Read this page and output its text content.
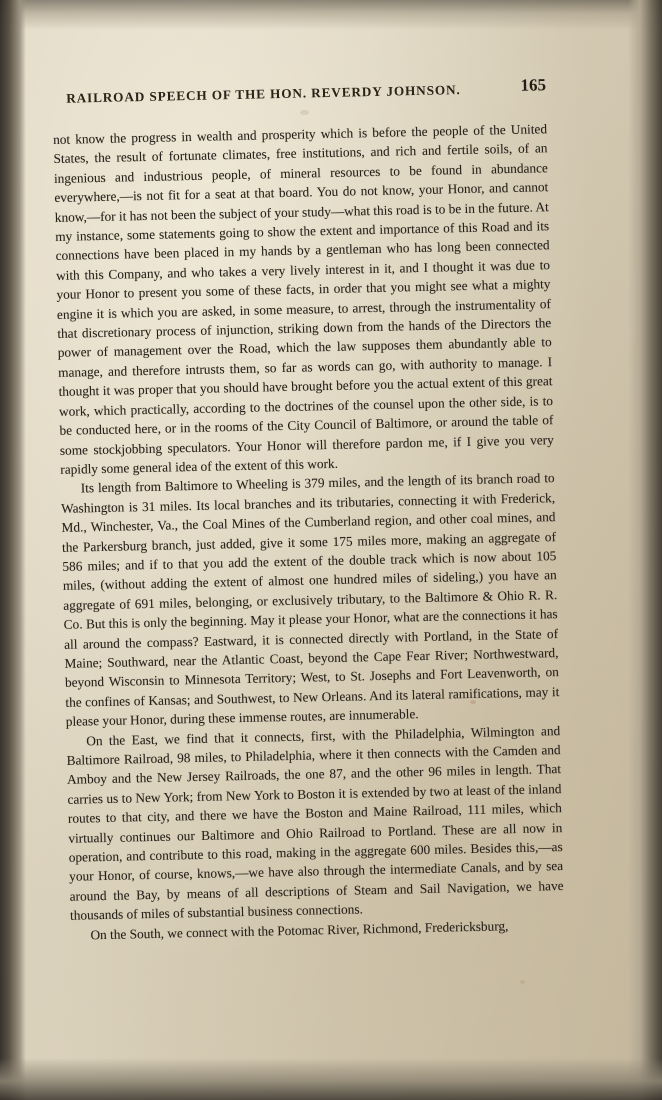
RAILROAD SPEECH OF THE HON. REVERDY JOHNSON.	165

not know the progress in wealth and prosperity which is before the people of the United States, the result of fortunate climates, free institutions, and rich and fertile soils, of an ingenious and industrious people, of mineral resources to be found in abundance everywhere,—is not fit for a seat at that board. You do not know, your Honor, and cannot know,—for it has not been the subject of your study—what this road is to be in the future. At my instance, some statements going to show the extent and importance of this Road and its connections have been placed in my hands by a gentleman who has long been connected with this Company, and who takes a very lively interest in it, and I thought it was due to your Honor to present you some of these facts, in order that you might see what a mighty engine it is which you are asked, in some measure, to arrest, through the instrumentality of that discretionary process of injunction, striking down from the hands of the Directors the power of management over the Road, which the law supposes them abundantly able to manage, and therefore intrusts them, so far as words can go, with authority to manage. I thought it was proper that you should have brought before you the actual extent of this great work, which practically, according to the doctrines of the counsel upon the other side, is to be conducted here, or in the rooms of the City Council of Baltimore, or around the table of some stockjobbing speculators. Your Honor will therefore pardon me, if I give you very rapidly some general idea of the extent of this work.

Its length from Baltimore to Wheeling is 379 miles, and the length of its branch road to Washington is 31 miles. Its local branches and its tributaries, connecting it with Frederick, Md., Winchester, Va., the Coal Mines of the Cumberland region, and other coal mines, and the Parkersburg branch, just added, give it some 175 miles more, making an aggregate of 586 miles; and if to that you add the extent of the double track which is now about 105 miles, (without adding the extent of almost one hundred miles of sideling,) you have an aggregate of 691 miles, belonging, or exclusively tributary, to the Baltimore & Ohio R. R. Co. But this is only the beginning. May it please your Honor, what are the connections it has all around the compass? Eastward, it is connected directly with Portland, in the State of Maine; Southward, near the Atlantic Coast, beyond the Cape Fear River; Northwestward, beyond Wisconsin to Minnesota Territory; West, to St. Josephs and Fort Leavenworth, on the confines of Kansas; and Southwest, to New Orleans. And its lateral ramifications, may it please your Honor, during these immense routes, are innumerable.

On the East, we find that it connects, first, with the Philadelphia, Wilmington and Baltimore Railroad, 98 miles, to Philadelphia, where it then connects with the Camden and Amboy and the New Jersey Railroads, the one 87, and the other 96 miles in length. That carries us to New York; from New York to Boston it is extended by two at least of the inland routes to that city, and there we have the Boston and Maine Railroad, 111 miles, which virtually continues our Baltimore and Ohio Railroad to Portland. These are all now in operation, and contribute to this road, making in the aggregate 600 miles. Besides this,—as your Honor, of course, knows,—we have also through the intermediate Canals, and by sea around the Bay, by means of all descriptions of Steam and Sail Navigation, we have thousands of miles of substantial business connections.

On the South, we connect with the Potomac River, Richmond, Fredericksburg,
